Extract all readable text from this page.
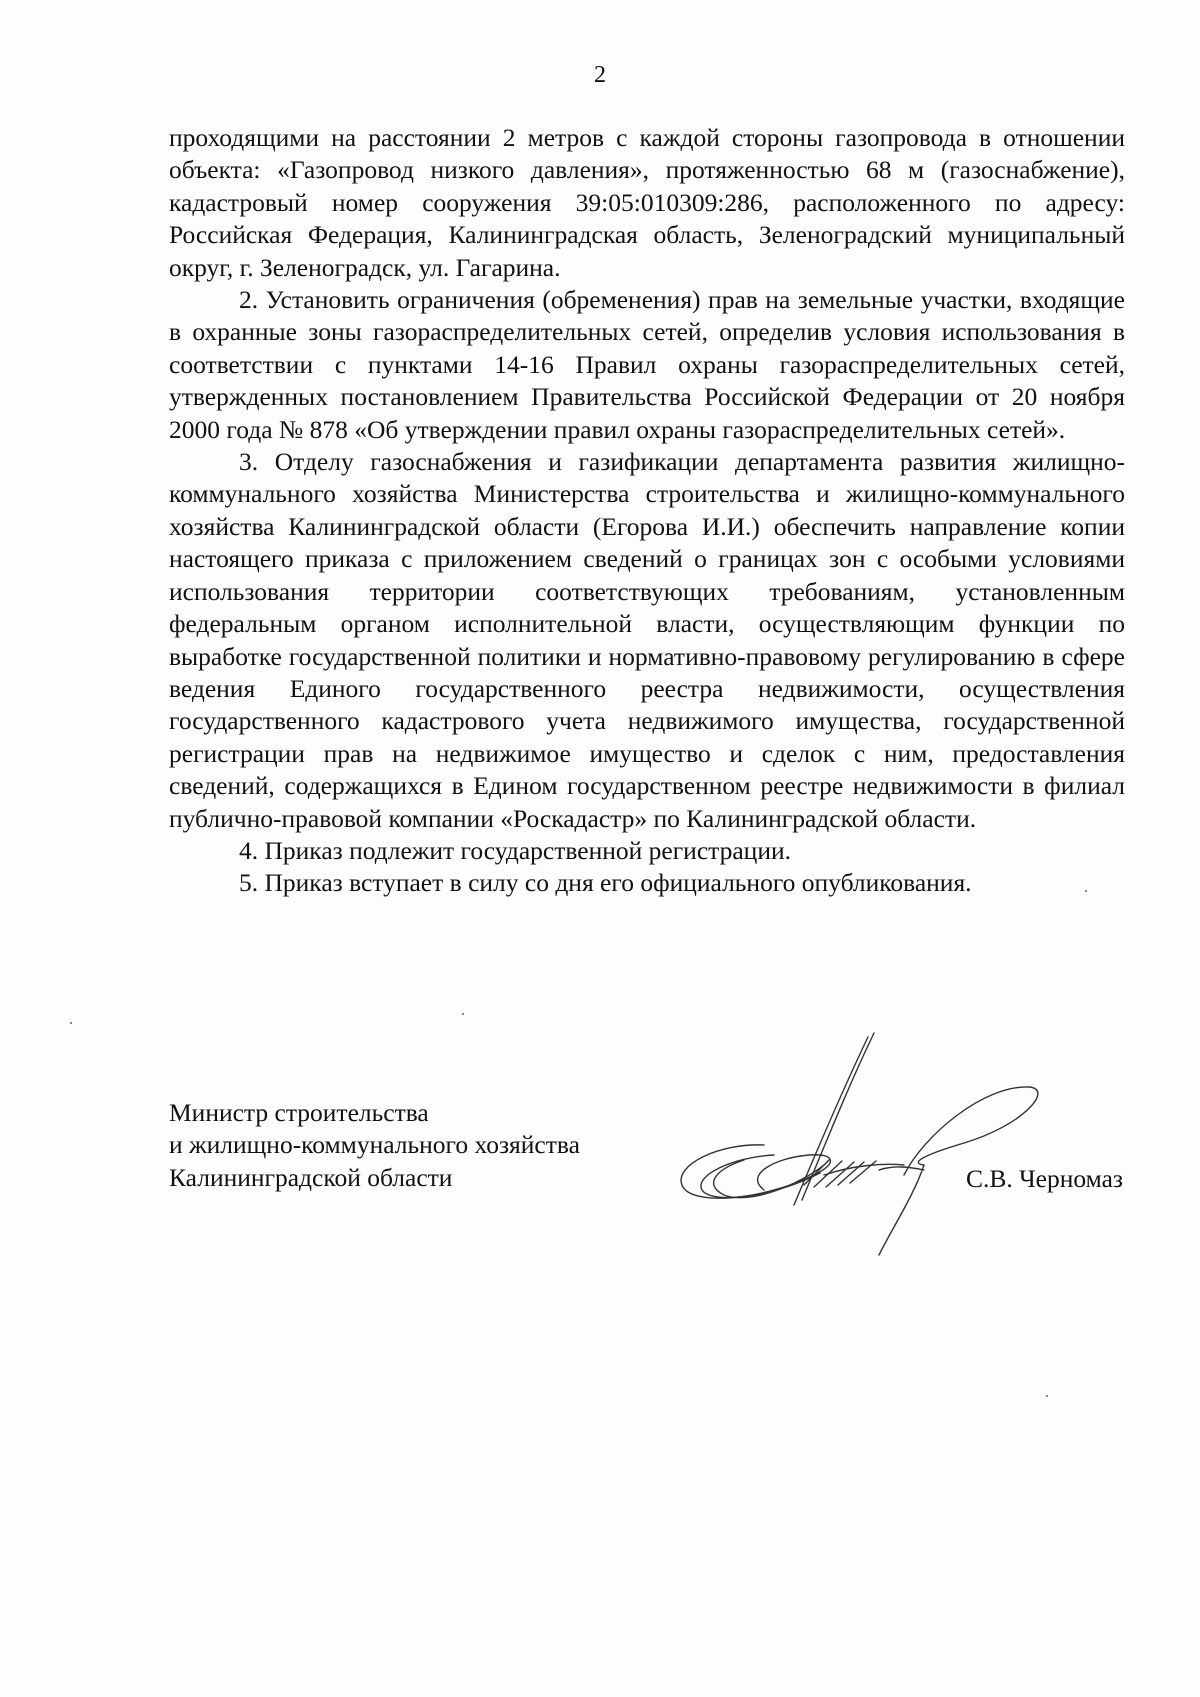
2

проходящими на расстоянии 2 метров с каждой стороны газопровода в отношении объекта: «Газопровод низкого давления», протяженностью 68 м (газоснабжение), кадастровый номер сооружения 39:05:010309:286, расположенного по адресу: Российская Федерация, Калининградская область, Зеленоградский муниципальный округ, г. Зеленоградск, ул. Гагарина.

2. Установить ограничения (обременения) прав на земельные участки, входящие в охранные зоны газораспределительных сетей, определив условия использования в соответствии с пунктами 14-16 Правил охраны газораспределительных сетей, утвержденных постановлением Правительства Российской Федерации от 20 ноября 2000 года № 878 «Об утверждении правил охраны газораспределительных сетей».

3. Отделу газоснабжения и газификации департамента развития жилищно-коммунального хозяйства Министерства строительства и жилищно-коммунального хозяйства Калининградской области (Егорова И.И.) обеспечить направление копии настоящего приказа с приложением сведений о границах зон с особыми условиями использования территории соответствующих требованиям, установленным федеральным органом исполнительной власти, осуществляющим функции по выработке государственной политики и нормативно-правовому регулированию в сфере ведения Единого государственного реестра недвижимости, осуществления государственного кадастрового учета недвижимого имущества, государственной регистрации прав на недвижимое имущество и сделок с ним, предоставления сведений, содержащихся в Едином государственном реестре недвижимости в филиал публично-правовой компании «Роскадастр» по Калининградской области.

4. Приказ подлежит государственной регистрации.

5. Приказ вступает в силу со дня его официального опубликования.

Министр строительства
и жилищно-коммунального хозяйства
Калининградской области	С.В. Черномаз
